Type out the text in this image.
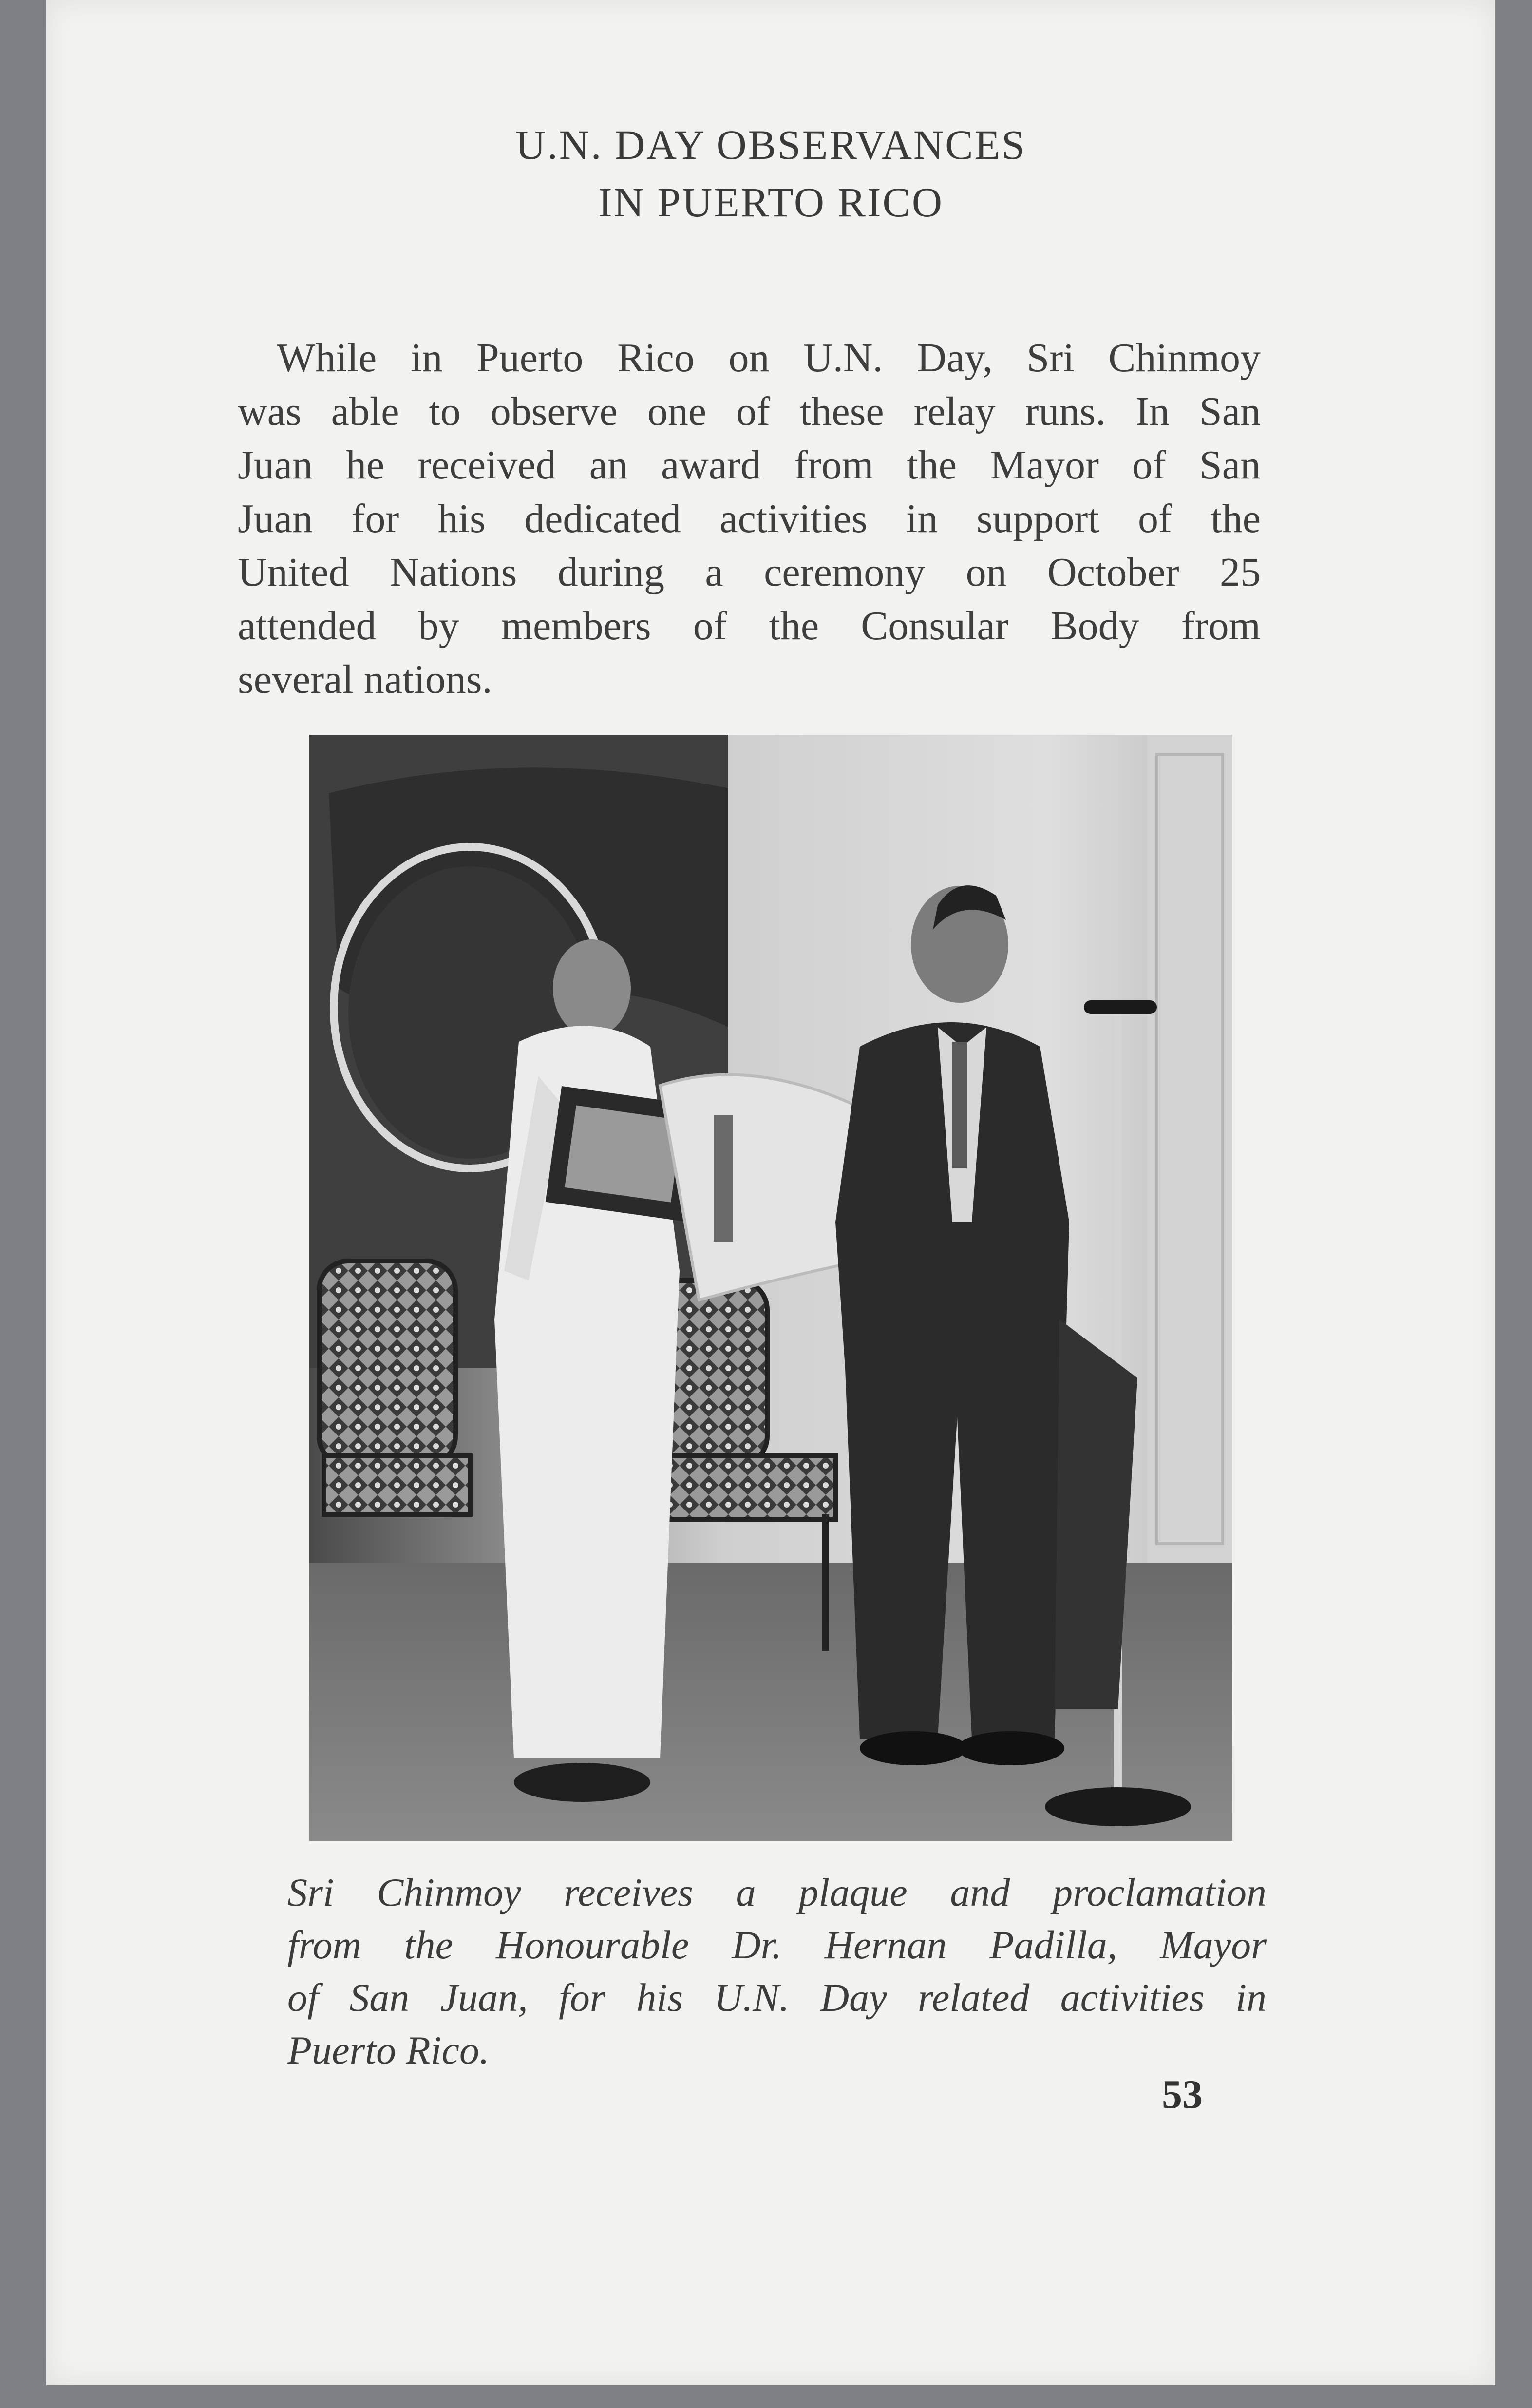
U.N. DAY OBSERVANCES
IN PUERTO RICO
While in Puerto Rico on U.N. Day, Sri Chinmoy
was able to observe one of these relay runs. In San
Juan he received an award from the Mayor of San
Juan for his dedicated activities in support of the
United Nations during a ceremony on October 25
attended by members of the Consular Body from
several nations.
Sri Chinmoy receives a plaque and proclamation
from the Honourable Dr. Hernan Padilla, Mayor
of San Juan, for his U.N. Day related activities in
Puerto Rico.
53
